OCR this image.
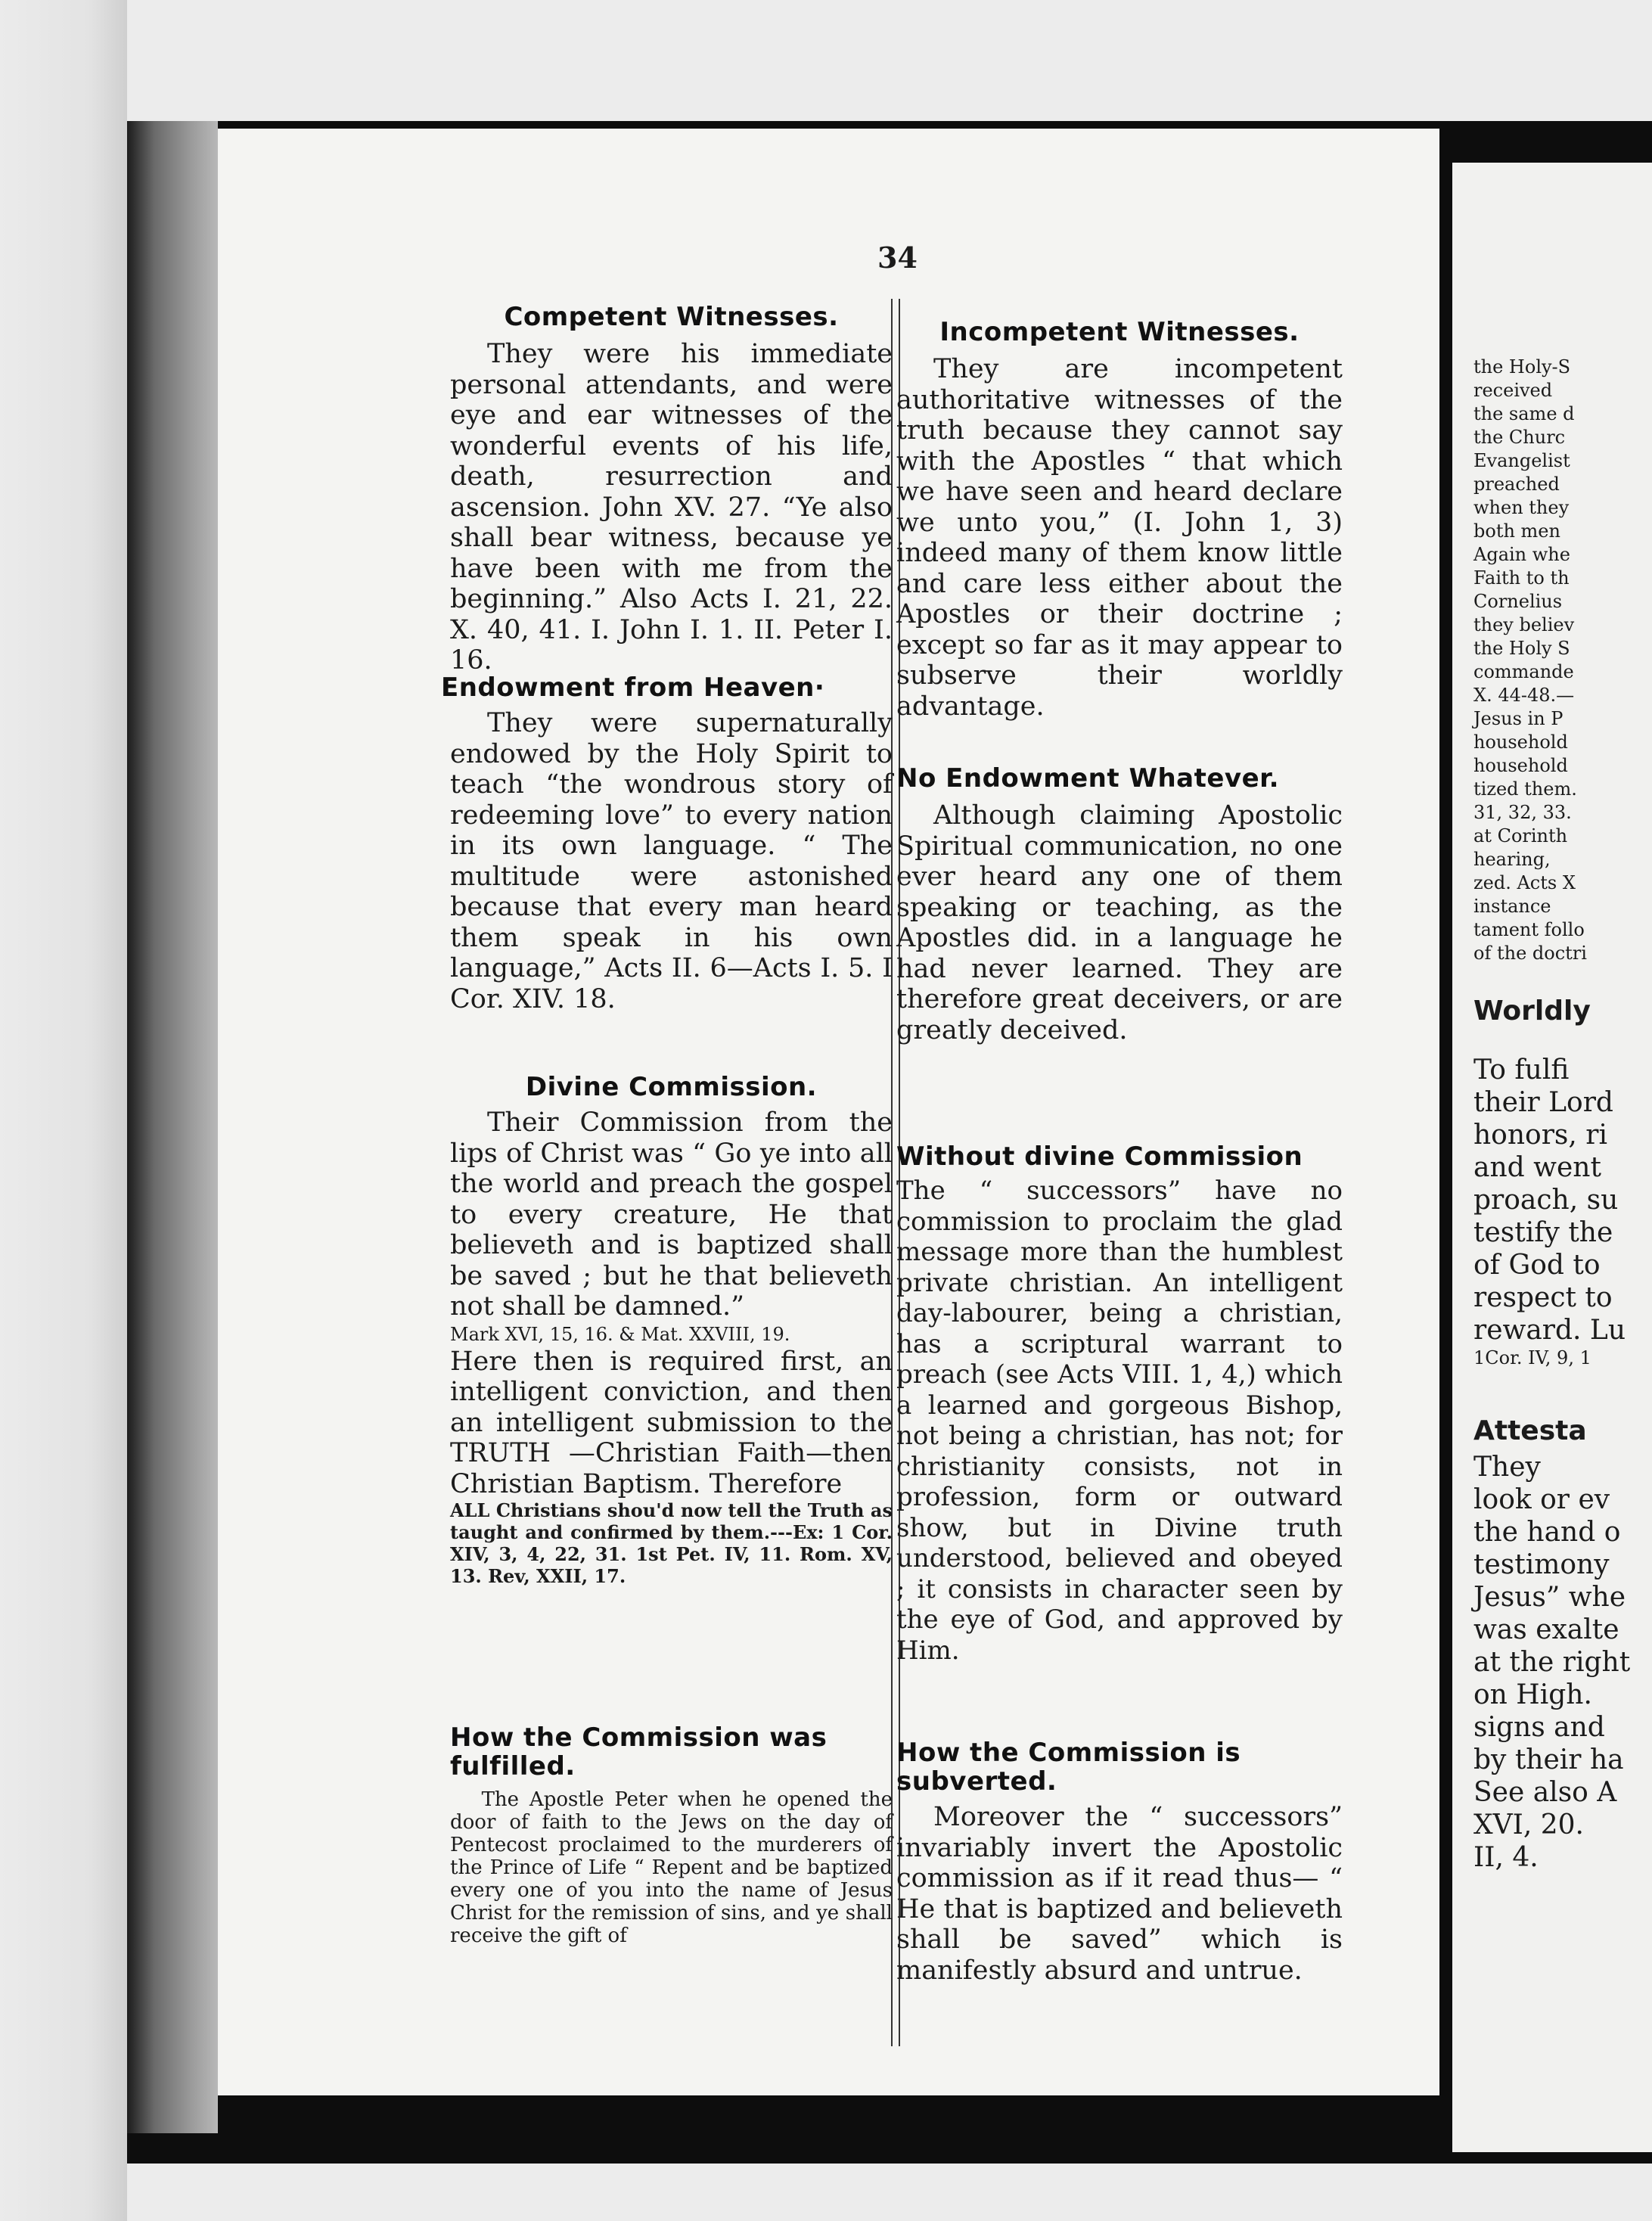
34
Competent Witnesses.

They were his immediate personal attendants, and were eye and ear witnesses of the wonderful events of his life, death, resurrection and ascension. John XV. 27. “Ye also shall bear witness, because ye have been with me from the beginning.” Also Acts I. 21, 22. X. 40, 41. I. John I. 1. II. Peter I. 16.

Endowment from Heaven·

They were supernaturally endowed by the Holy Spirit to teach “the wondrous story of redeeming love” to every nation in its own language. “ The multitude were astonished because that every man heard them speak in his own language,” Acts II. 6—Acts I. 5. I Cor. XIV. 18.

Divine Commission.

Their Commission from the lips of Christ was “ Go ye into all the world and preach the gospel to every creature, He that believeth and is baptized shall be saved ; but he that believeth not shall be damned.”

Mark XVI, 15, 16. & Mat. XXVIII, 19.

Here then is required first, an intelligent conviction, and then an intelligent submission to the TRUTH —Christian Faith—then Christian Baptism. Therefore

ALL Christians shou'd now tell the Truth as taught and confirmed by them.---Ex: 1 Cor. XIV, 3, 4, 22, 31. 1st Pet. IV, 11. Rom. XV, 13. Rev, XXII, 17.

How the Commission was fulfilled.

The Apostle Peter when he opened the door of faith to the Jews on the day of Pentecost proclaimed to the murderers of the Prince of Life “ Repent and be baptized every one of you into the name of Jesus Christ for the remission of sins, and ye shall receive the gift of

Incompetent Witnesses.

They are incompetent authoritative witnesses of the truth because they cannot say with the Apostles “ that which we have seen and heard declare we unto you,” (I. John 1, 3) indeed many of them know little and care less either about the Apostles or their doctrine ; except so far as it may appear to subserve their worldly advantage.

No Endowment Whatever.

Although claiming Apostolic Spiritual communication, no one ever heard any one of them speaking or teaching, as the Apostles did. in a language he had never learned. They are therefore great deceivers, or are greatly deceived.

Without divine Commission

The “ successors” have no commission to proclaim the glad message more than the humblest private christian. An intelligent day-labourer, being a christian, has a scriptural warrant to preach (see Acts VIII. 1, 4,) which a learned and gorgeous Bishop, not being a christian, has not; for christianity consists, not in profession, form or outward show, but in Divine truth understood, believed and obeyed ; it consists in character seen by the eye of God, and approved by Him.

How the Commission is subverted.

Moreover the “ successors” invariably invert the Apostolic commission as if it read thus— “ He that is baptized and believeth shall be saved” which is manifestly absurd and untrue.

the Holy-S
received
the same d
the Churc
Evangelist
preached
when they
both men
Again whe
Faith to th
Cornelius
they believ
the Holy S
commande
X. 44-48.—
Jesus in P
household
household
tized them.
31, 32, 33.
at Corinth
hearing,
zed. Acts X
instance
tament follo
of the doctri
Worldly
To fulfi
their Lord
honors, ri
and went
proach, su
testify the
of God to
respect to
reward. Lu
1Cor. IV, 9, 1
Attesta
They
look or ev
the hand o
testimony
Jesus” whe
was exalte
at the right
on High.
signs and
by their ha
See also A
XVI, 20.
II, 4.
